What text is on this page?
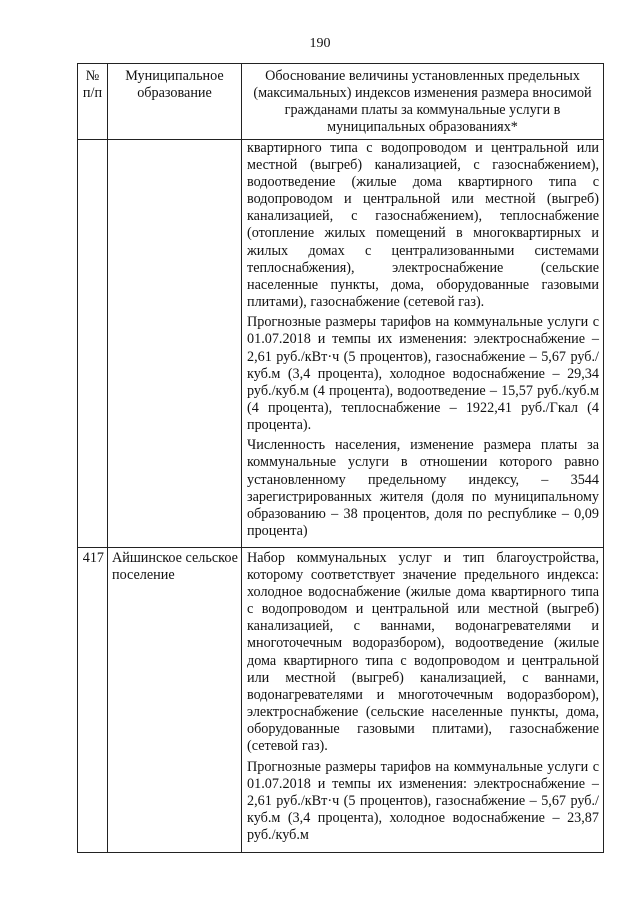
190
№ п/п	Муниципальное образование	Обоснование величины установленных предельных (максимальных) индексов изменения размера вносимой гражданами платы за коммунальные услуги в муниципальных образованиях*

		квартирного типа с водопроводом и центральной или местной (выгреб) канализацией, с газоснабжением), водоотведение (жилые дома квартирного типа с водопроводом и центральной или местной (выгреб) канализацией, с газоснабжением), теплоснабжение (отопление жилых помещений в многоквартирных и жилых домах с централизованными системами теплоснабжения), электроснабжение (сельские населенные пункты, дома, оборудованные газовыми плитами), газоснабжение (сетевой газ).

Прогнозные размеры тарифов на коммунальные услуги с 01.07.2018 и темпы их изменения: электроснабжение – 2,61 руб./кВт·ч (5 процентов), газоснабжение – 5,67 руб./куб.м (3,4 процента), холодное водоснабжение – 29,34 руб./куб.м (4 процента), водоотведение – 15,57 руб./куб.м (4 процента), теплоснабжение – 1922,41 руб./Гкал (4 процента).

Численность населения, изменение размера платы за коммунальные услуги в отношении которого равно установленному предельному индексу, – 3544 зарегистрированных жителя (доля по муниципальному образованию – 38 процентов, доля по республике – 0,09 процента)

417	Айшинское сельское поселение	Набор коммунальных услуг и тип благоустройства, которому соответствует значение предельного индекса: холодное водоснабжение (жилые дома квартирного типа с водопроводом и центральной или местной (выгреб) канализацией, с ваннами, водонагревателями и многоточечным водоразбором), водоотведение (жилые дома квартирного типа с водопроводом и центральной или местной (выгреб) канализацией, с ваннами, водонагревателями и многоточечным водоразбором), электроснабжение (сельские населенные пункты, дома, оборудованные газовыми плитами), газоснабжение (сетевой газ).

Прогнозные размеры тарифов на коммунальные услуги с 01.07.2018 и темпы их изменения: электроснабжение – 2,61 руб./кВт·ч (5 процентов), газоснабжение – 5,67 руб./куб.м (3,4 процента), холодное водоснабжение – 23,87 руб./куб.м
